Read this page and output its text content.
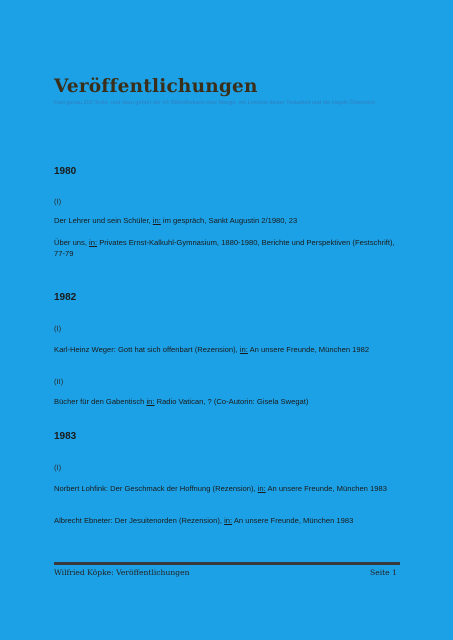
Veröffentlichungen
Fast genau 200 Texte, und dazu gehört der ich Bibliothekarin eine Menge, mit Lektorat dieser Textarbeit und die Haydn Österreich
1980
(I)
Der Lehrer und sein Schüler, in: im gespräch, Sankt Augustin 2/1980, 23
Über uns, in: Privates Ernst-Kalkuhl-Gymnasium, 1880-1980, Berichte und Perspektiven (Festschrift), 77-79
1982
(I)
Karl-Heinz Weger: Gott hat sich offenbart (Rezension), in: An unsere Freunde, München 1982
(II)
Bücher für den Gabentisch in: Radio Vatican, ? (Co-Autorin: Gisela Swegat)
1983
(I)
Norbert Lohfink: Der Geschmack der Hoffnung (Rezension), in: An unsere Freunde, München 1983
Albrecht Ebneter: Der Jesuitenorden (Rezension), in: An unsere Freunde, München 1983
Wilfried Köpke: Veröffentlichungen	Seite 1
